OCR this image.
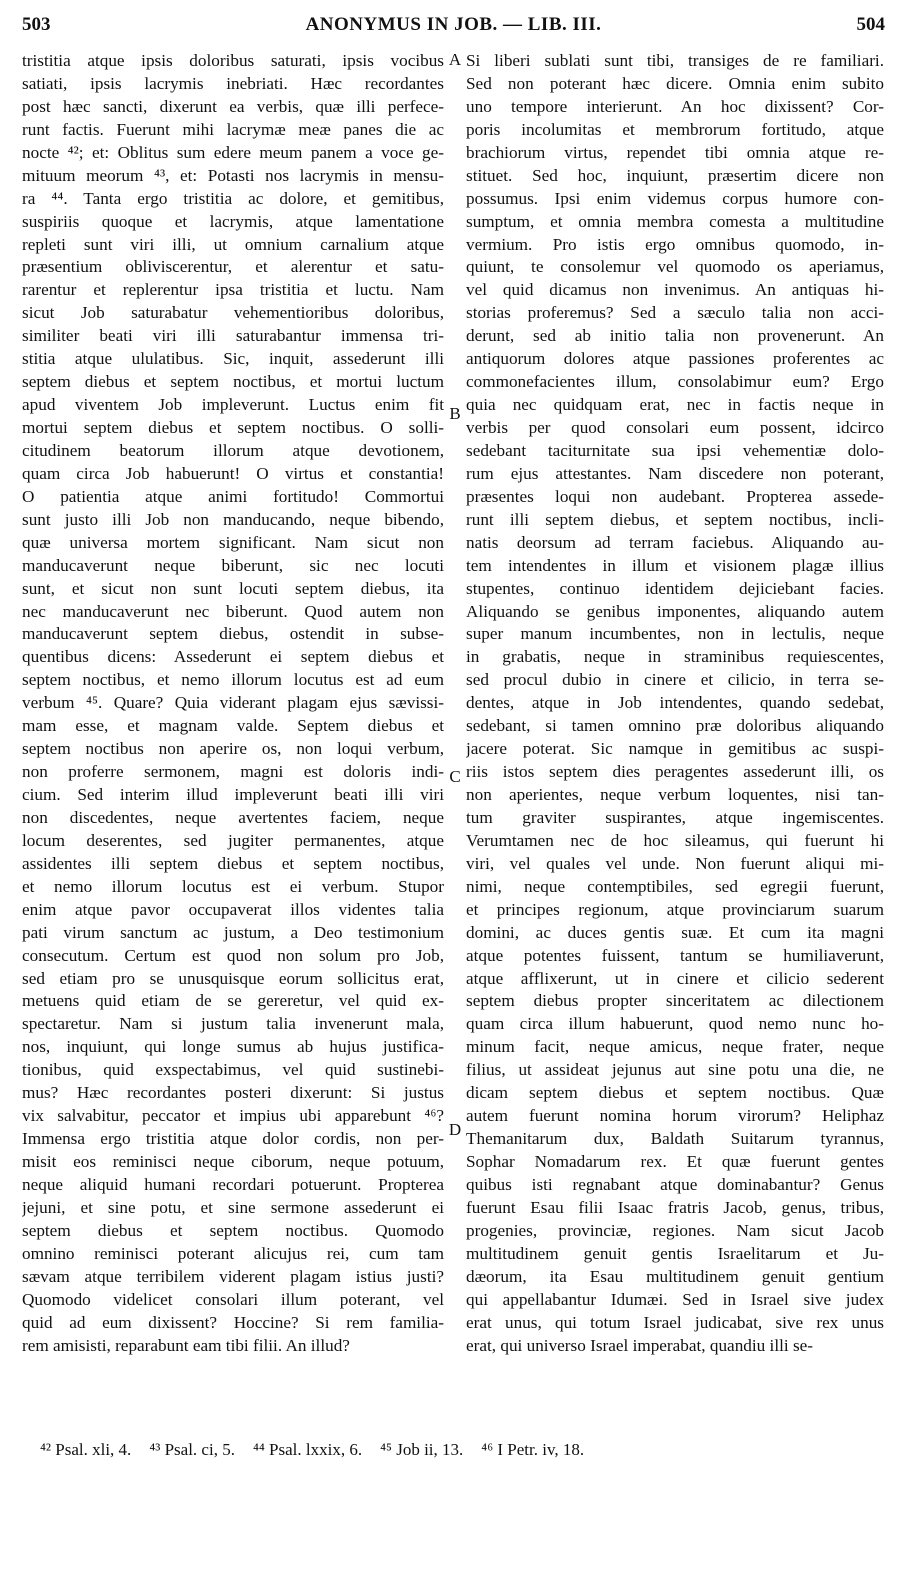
503	ANONYMUS IN JOB. — LIB. III.	504
tristitia atque ipsis doloribus saturati, ipsis vocibus
satiati, ipsis lacrymis inebriati. Hæc recordantes
post hæc sancti, dixerunt ea verbis, quæ illi perfece-
runt factis. Fuerunt mihi lacrymæ meæ panes die ac
nocte ⁴²; et: Oblitus sum edere meum panem a voce ge-
mituum meorum ⁴³, et: Potasti nos lacrymis in mensu-
ra ⁴⁴. Tanta ergo tristitia ac dolore, et gemitibus,
suspiriis quoque et lacrymis, atque lamentatione
repleti sunt viri illi, ut omnium carnalium atque
præsentium obliviscerentur, et alerentur et satu-
rarentur et replerentur ipsa tristitia et luctu. Nam
sicut Job saturabatur vehementioribus doloribus,
similiter beati viri illi saturabantur immensa tri-
stitia atque ululatibus. Sic, inquit, assederunt illi
septem diebus et septem noctibus, et mortui luctum
apud viventem Job impleverunt. Luctus enim fit
mortui septem diebus et septem noctibus. O solli-
citudinem beatorum illorum atque devotionem,
quam circa Job habuerunt! O virtus et constantia!
O patientia atque animi fortitudo! Commortui
sunt justo illi Job non manducando, neque bibendo,
quæ universa mortem significant. Nam sicut non
manducaverunt neque biberunt, sic nec locuti
sunt, et sicut non sunt locuti septem diebus, ita
nec manducaverunt nec biberunt. Quod autem non
manducaverunt septem diebus, ostendit in subse-
quentibus dicens: Assederunt ei septem diebus et
septem noctibus, et nemo illorum locutus est ad eum
verbum ⁴⁵. Quare? Quia viderant plagam ejus sævissi-
mam esse, et magnam valde. Septem diebus et
septem noctibus non aperire os, non loqui verbum,
non proferre sermonem, magni est doloris indi-
cium. Sed interim illud impleverunt beati illi viri
non discedentes, neque avertentes faciem, neque
locum deserentes, sed jugiter permanentes, atque
assidentes illi septem diebus et septem noctibus,
et nemo illorum locutus est ei verbum. Stupor
enim atque pavor occupaverat illos videntes talia
pati virum sanctum ac justum, a Deo testimonium
consecutum. Certum est quod non solum pro Job,
sed etiam pro se unusquisque eorum sollicitus erat,
metuens quid etiam de se gereretur, vel quid ex-
spectaretur. Nam si justum talia invenerunt mala,
nos, inquiunt, qui longe sumus ab hujus justifica-
tionibus, quid exspectabimus, vel quid sustinebi-
mus? Hæc recordantes posteri dixerunt: Si justus
vix salvabitur, peccator et impius ubi apparebunt ⁴⁶?
Immensa ergo tristitia atque dolor cordis, non per-
misit eos reminisci neque ciborum, neque potuum,
neque aliquid humani recordari potuerunt. Propterea
jejuni, et sine potu, et sine sermone assederunt ei
septem diebus et septem noctibus. Quomodo
omnino reminisci poterant alicujus rei, cum tam
sævam atque terribilem viderent plagam istius justi?
Quomodo videlicet consolari illum poterant, vel
quid ad eum dixissent? Hoccine? Si rem familia-
rem amisisti, reparabunt eam tibi filii. An illud?
Si liberi sublati sunt tibi, transiges de re familiari.
Sed non poterant hæc dicere. Omnia enim subito
uno tempore interierunt. An hoc dixissent? Cor-
poris incolumitas et membrorum fortitudo, atque
brachiorum virtus, rependet tibi omnia atque re-
stituet. Sed hoc, inquiunt, præsertim dicere non
possumus. Ipsi enim videmus corpus humore con-
sumptum, et omnia membra comesta a multitudine
vermium. Pro istis ergo omnibus quomodo, in-
quiunt, te consolemur vel quomodo os aperiamus,
vel quid dicamus non invenimus. An antiquas hi-
storias proferemus? Sed a sæculo talia non acci-
derunt, sed ab initio talia non provenerunt. An
antiquorum dolores atque passiones proferentes ac
commonefacientes illum, consolabimur eum? Ergo
quia nec quidquam erat, nec in factis neque in
verbis per quod consolari eum possent, idcirco
sedebant taciturnitate sua ipsi vehementiæ dolo-
rum ejus attestantes. Nam discedere non poterant,
præsentes loqui non audebant. Propterea assede-
runt illi septem diebus, et septem noctibus, incli-
natis deorsum ad terram faciebus. Aliquando au-
tem intendentes in illum et visionem plagæ illius
stupentes, continuo identidem dejiciebant facies.
Aliquando se genibus imponentes, aliquando autem
super manum incumbentes, non in lectulis, neque
in grabatis, neque in straminibus requiescentes,
sed procul dubio in cinere et cilicio, in terra se-
dentes, atque in Job intendentes, quando sedebat,
sedebant, si tamen omnino præ doloribus aliquando
jacere poterat. Sic namque in gemitibus ac suspi-
riis istos septem dies peragentes assederunt illi, os
non aperientes, neque verbum loquentes, nisi tan-
tum graviter suspirantes, atque ingemiscentes.
Verumtamen nec de hoc sileamus, qui fuerunt hi
viri, vel quales vel unde. Non fuerunt aliqui mi-
nimi, neque contemptibiles, sed egregii fuerunt,
et principes regionum, atque provinciarum suarum
domini, ac duces gentis suæ. Et cum ita magni
atque potentes fuissent, tantum se humiliaverunt,
atque afflixerunt, ut in cinere et cilicio sederent
septem diebus propter sinceritatem ac dilectionem
quam circa illum habuerunt, quod nemo nunc ho-
minum facit, neque amicus, neque frater, neque
filius, ut assideat jejunus aut sine potu una die, ne
dicam septem diebus et septem noctibus. Quæ
autem fuerunt nomina horum virorum? Heliphaz
Themanitarum dux, Baldath Suitarum tyrannus,
Sophar Nomadarum rex. Et quæ fuerunt gentes
quibus isti regnabant atque dominabantur? Genus
fuerunt Esau filii Isaac fratris Jacob, genus, tribus,
progenies, provinciæ, regiones. Nam sicut Jacob
multitudinem genuit gentis Israelitarum et Ju-
dæorum, ita Esau multitudinem genuit gentium
qui appellabantur Idumæi. Sed in Israel sive judex
erat unus, qui totum Israel judicabat, sive rex unus
erat, qui universo Israel imperabat, quandiu illi se-
A
B
C
D
⁴² Psal. xli, 4. ⁴³ Psal. ci, 5. ⁴⁴ Psal. lxxix, 6. ⁴⁵ Job ii, 13. ⁴⁶ I Petr. iv, 18.
